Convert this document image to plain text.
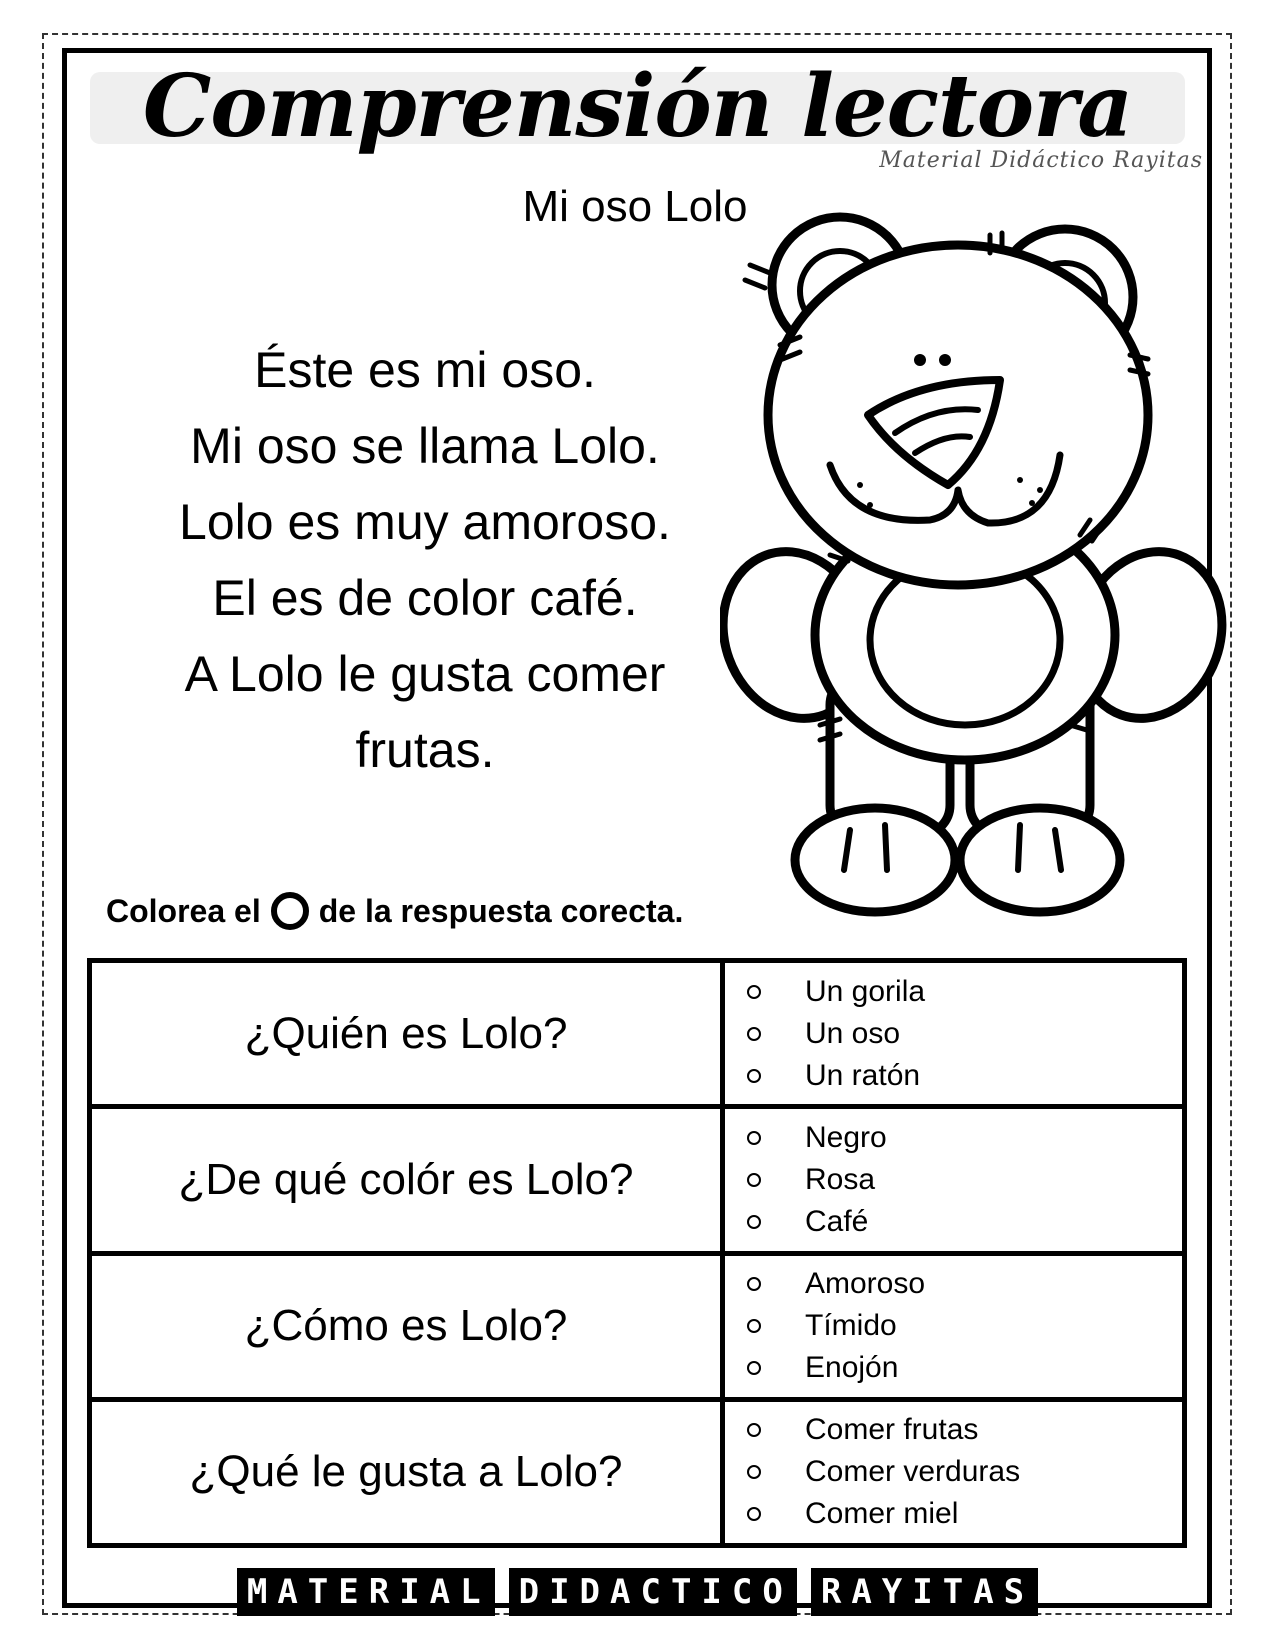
Comprensión lectora
Material Didáctico Rayitas
Mi oso Lolo
Éste es mi oso.
Mi oso se llama Lolo.
Lolo es muy amoroso.
El es de color café.
A Lolo le gusta comer
frutas.
Colorea el de la respuesta corecta.
¿Quién es Lolo?	Un gorila
Un oso
Un ratón

¿De qué colór es Lolo?	Negro
Rosa
Café

¿Cómo es Lolo?	Amoroso
Tímido
Enojón

¿Qué le gusta a Lolo?	Comer frutas
Comer verduras
Comer miel
MATERIAL DIDACTICO RAYITAS
